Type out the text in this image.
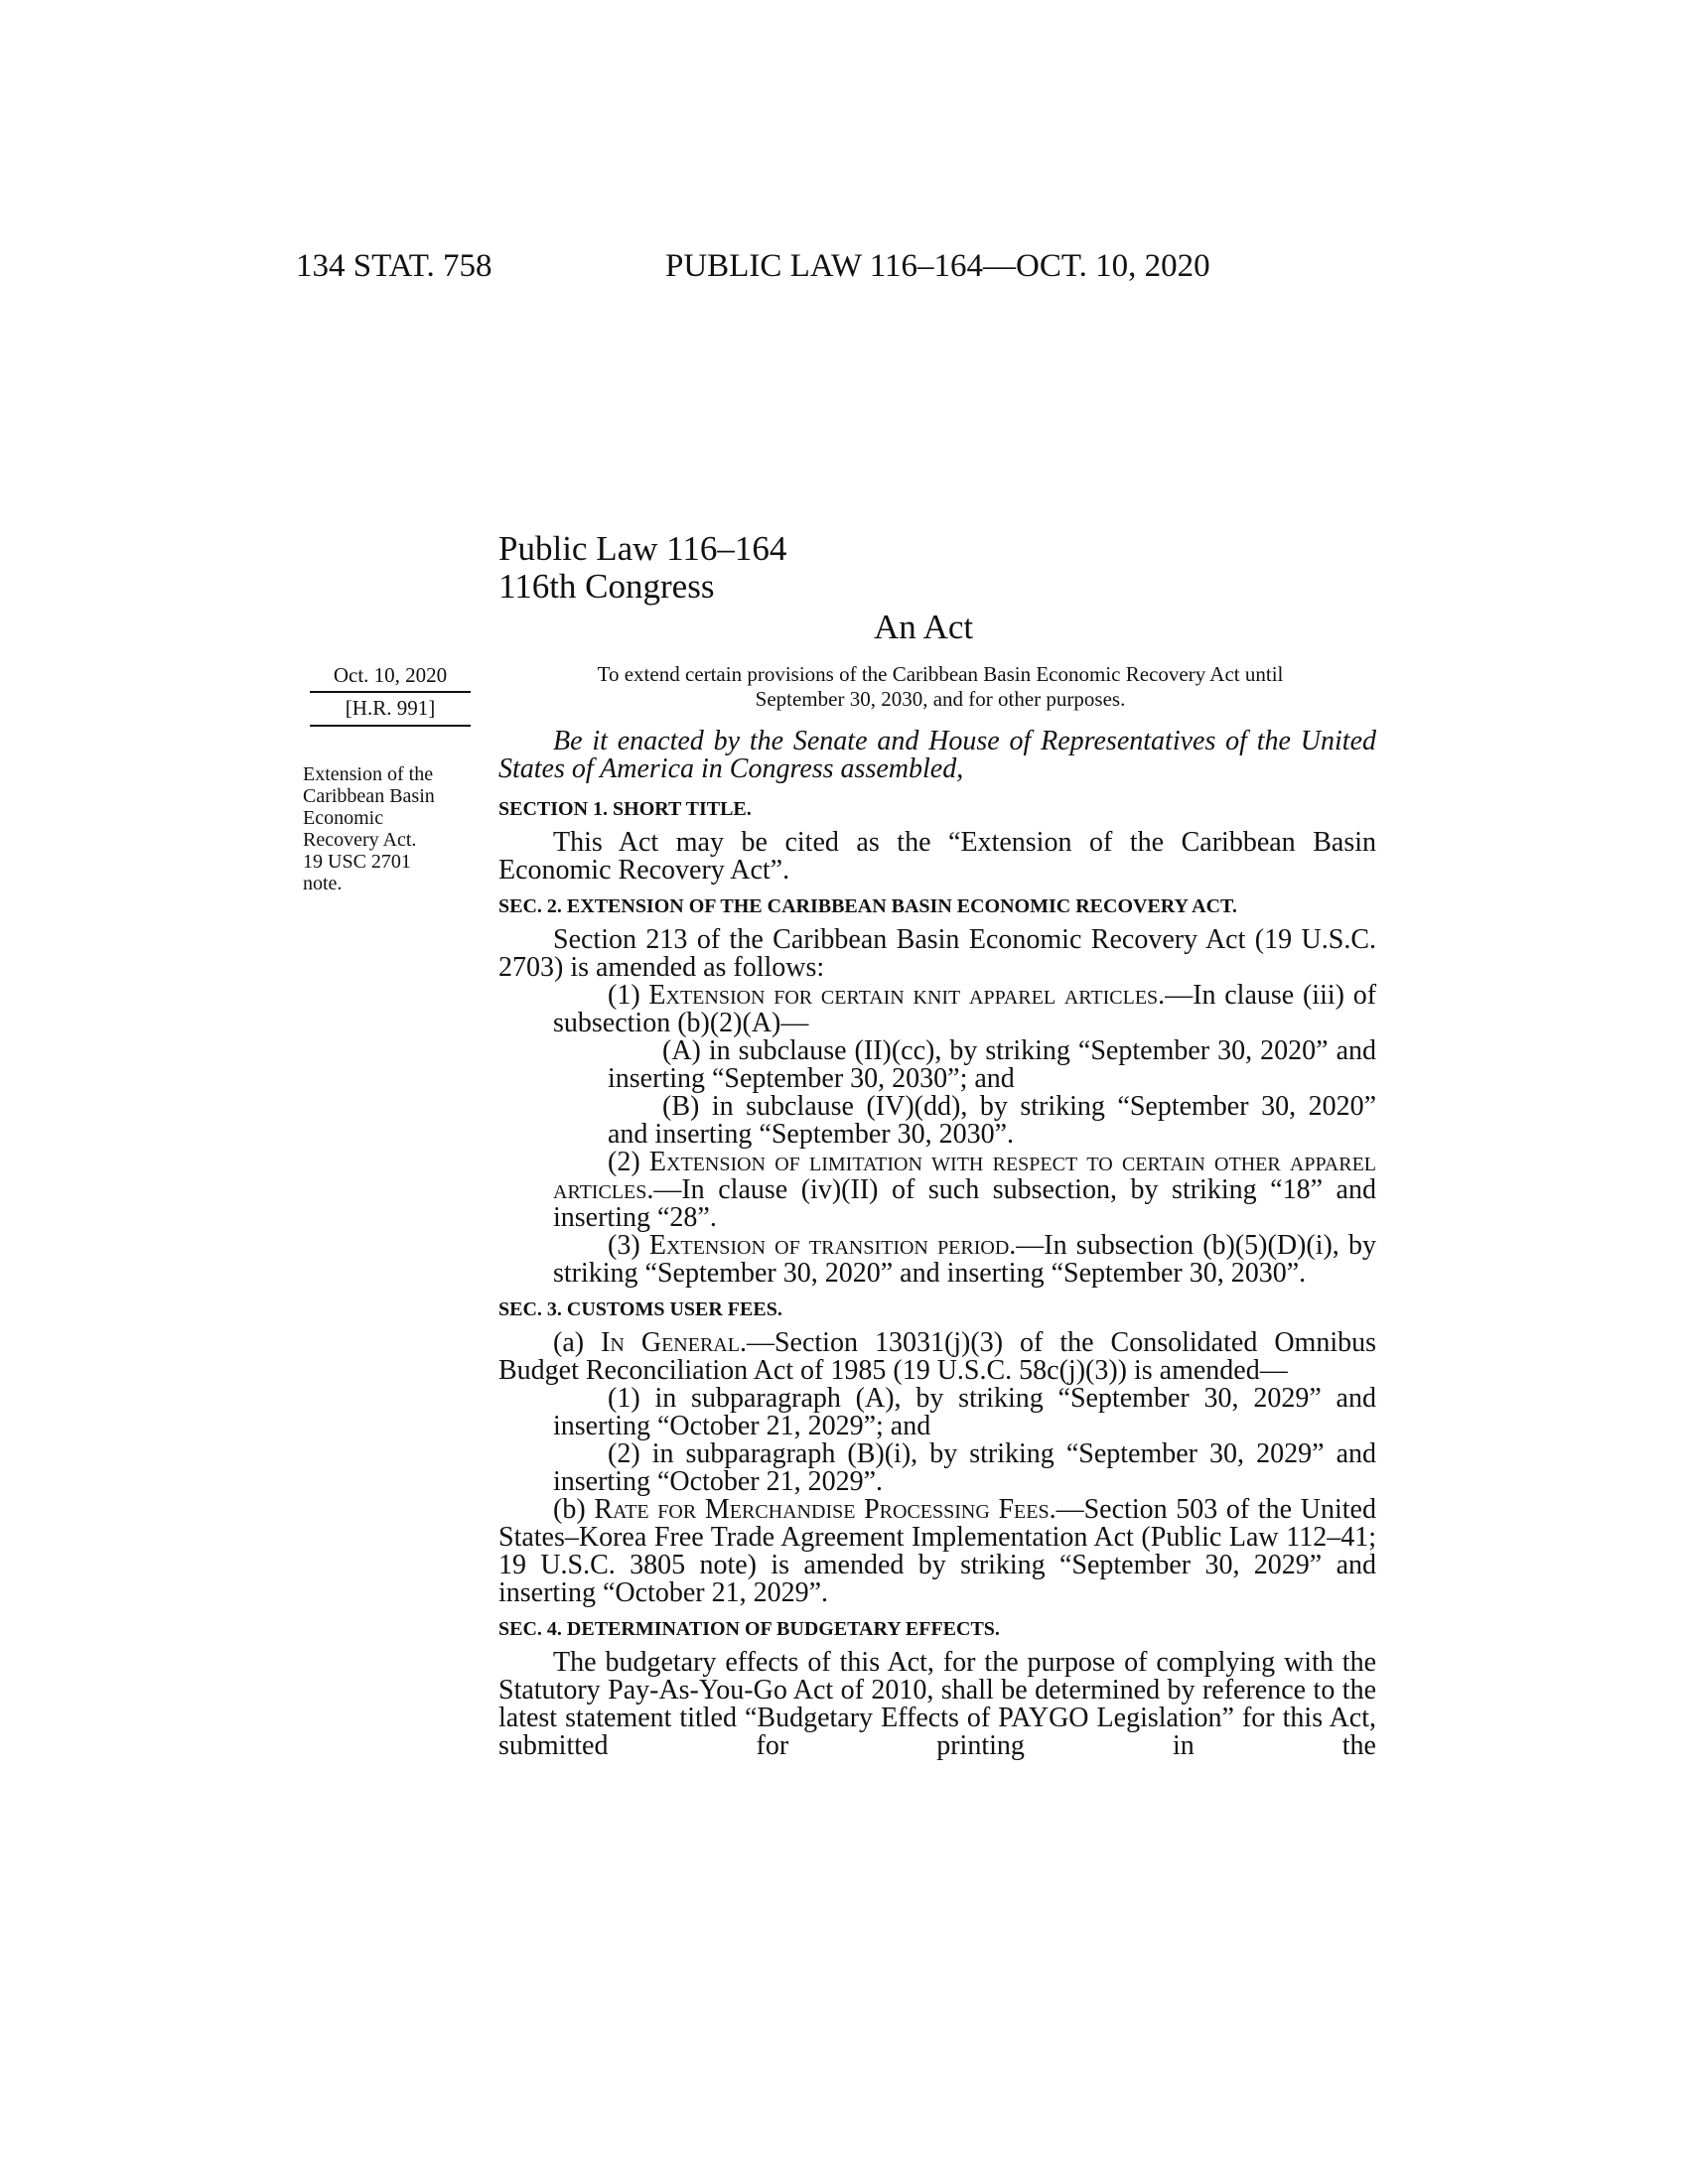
134 STAT. 758	PUBLIC LAW 116–164—OCT. 10, 2020
Public Law 116–164
116th Congress
An Act
Oct. 10, 2020
[H.R. 991]
To extend certain provisions of the Caribbean Basin Economic Recovery Act until
September 30, 2030, and for other purposes.
Extension of the
Caribbean Basin
Economic
Recovery Act.
19 USC 2701
note.

Be it enacted by the Senate and House of Representatives of the United States of America in Congress assembled,

SECTION 1. SHORT TITLE.

This Act may be cited as the “Extension of the Caribbean Basin Economic Recovery Act”.

SEC. 2. EXTENSION OF THE CARIBBEAN BASIN ECONOMIC RECOVERY ACT.

Section 213 of the Caribbean Basin Economic Recovery Act (19 U.S.C. 2703) is amended as follows:

(1) Extension for certain knit apparel articles.—In clause (iii) of subsection (b)(2)(A)—

(A) in subclause (II)(cc), by striking “September 30, 2020” and inserting “September 30, 2030”; and

(B) in subclause (IV)(dd), by striking “September 30, 2020” and inserting “September 30, 2030”.

(2) Extension of limitation with respect to certain other apparel articles.—In clause (iv)(II) of such subsection, by striking “18” and inserting “28”.

(3) Extension of transition period.—In subsection (b)(5)(D)(i), by striking “September 30, 2020” and inserting “September 30, 2030”.

SEC. 3. CUSTOMS USER FEES.

(a) In General.—Section 13031(j)(3) of the Consolidated Omnibus Budget Reconciliation Act of 1985 (19 U.S.C. 58c(j)(3)) is amended—

(1) in subparagraph (A), by striking “September 30, 2029” and inserting “October 21, 2029”; and

(2) in subparagraph (B)(i), by striking “September 30, 2029” and inserting “October 21, 2029”.

(b) Rate for Merchandise Processing Fees.—Section 503 of the United States–Korea Free Trade Agreement Implementation Act (Public Law 112–41; 19 U.S.C. 3805 note) is amended by striking “September 30, 2029” and inserting “October 21, 2029”.

SEC. 4. DETERMINATION OF BUDGETARY EFFECTS.

The budgetary effects of this Act, for the purpose of complying with the Statutory Pay-As-You-Go Act of 2010, shall be determined by reference to the latest statement titled “Budgetary Effects of PAYGO Legislation” for this Act, submitted for printing in the
